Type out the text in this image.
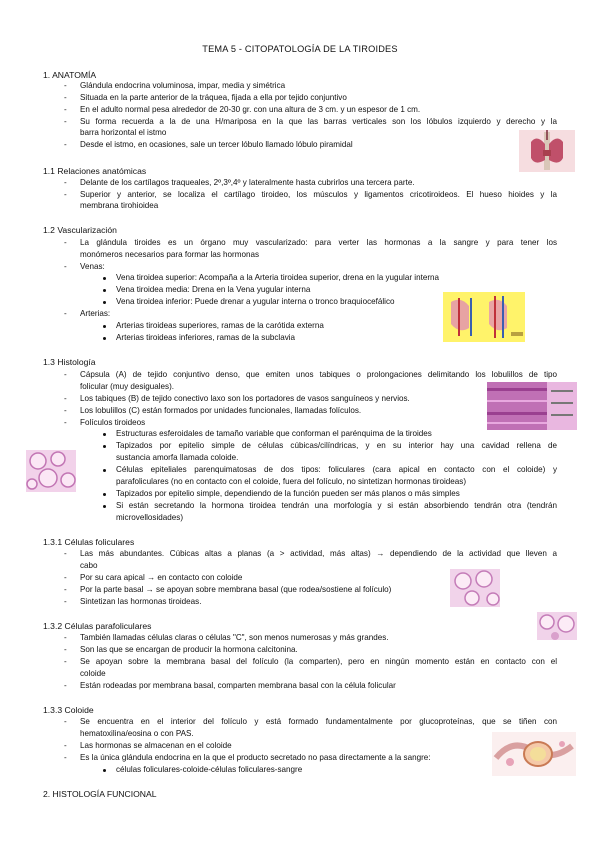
TEMA 5 - CITOPATOLOGÍA DE LA TIROIDES
1. ANATOMÍA
- Glándula endocrina voluminosa, impar, media y simétrica
- Situada en la parte anterior de la tráquea, fijada a ella por tejido conjuntivo
- En el adulto normal pesa alrededor de 20-30 gr. con una altura de 3 cm. y un espesor de 1 cm.
- Su forma recuerda a la de una H/mariposa en la que las barras verticales son los lóbulos izquierdo y derecho y la
barra horizontal el istmo
- Desde el istmo, en ocasiones, sale un tercer lóbulo llamado lóbulo piramidal
1.1 Relaciones anatómicas
- Delante de los cartílagos traqueales, 2º,3º,4º y lateralmente hasta cubrirlos una tercera parte.
- Superior y anterior, se localiza el cartílago tiroideo, los músculos y ligamentos cricotiroideos. El hueso hioides y la
membrana tirohioidea
1.2 Vascularización
- La glándula tiroides es un órgano muy vascularizado: para verter las hormonas a la sangre y para tener los
monómeros necesarios para formar las hormonas
- Venas:
Vena tiroidea superior: Acompaña a la Arteria tiroidea superior, drena en la yugular interna
Vena tiroidea media: Drena en la Vena yugular interna
Vena tiroidea inferior: Puede drenar a yugular interna o tronco braquiocefálico
- Arterias:
Arterias tiroideas superiores, ramas de la carótida externa
Arterias tiroideas inferiores, ramas de la subclavia
1.3 Histología
- Cápsula (A) de tejido conjuntivo denso, que emiten unos tabiques o prolongaciones delimitando los lobulillos de tipo
folicular (muy desiguales).
- Los tabiques (B) de tejido conectivo laxo son los portadores de vasos sanguíneos y nervios.
- Los lobulillos (C) están formados por unidades funcionales, llamadas folículos.
- Folículos tiroideos
Estructuras esferoidales de tamaño variable que conforman el parénquima de la tiroides
Tapizados por epitelio simple de células cúbicas/cilíndricas, y en su interior hay una cavidad rellena de
sustancia amorfa llamada coloide.
Células epiteliales parenquimatosas de dos tipos: foliculares (cara apical en contacto con el coloide) y
parafoliculares (no en contacto con el coloide, fuera del folículo, no sintetizan hormonas tiroideas)
Tapizados por epitelio simple, dependiendo de la función pueden ser más planos o más simples
Si están secretando la hormona tiroidea tendrán una morfología y si están absorbiendo tendrán otra (tendrán
microvellosidades)
1.3.1 Células foliculares
- Las más abundantes. Cúbicas altas a planas (a > actividad, más altas) → dependiendo de la actividad que lleven a
cabo
- Por su cara apical → en contacto con coloide
- Por la parte basal → se apoyan sobre membrana basal (que rodea/sostiene al folículo)
- Sintetizan las hormonas tiroideas.
1.3.2 Células parafoliculares
- También llamadas células claras o células "C", son menos numerosas y más grandes.
- Son las que se encargan de producir la hormona calcitonina.
- Se apoyan sobre la membrana basal del folículo (la comparten), pero en ningún momento están en contacto con el
coloide
- Están rodeadas por membrana basal, comparten membrana basal con la célula folicular
1.3.3 Coloide
- Se encuentra en el interior del folículo y está formado fundamentalmente por glucoproteínas, que se tiñen con
hematoxilina/eosina o con PAS.
- Las hormonas se almacenan en el coloide
- Es la única glándula endocrina en la que el producto secretado no pasa directamente a la sangre:
células foliculares-coloide-células foliculares-sangre
2. HISTOLOGÍA FUNCIONAL
